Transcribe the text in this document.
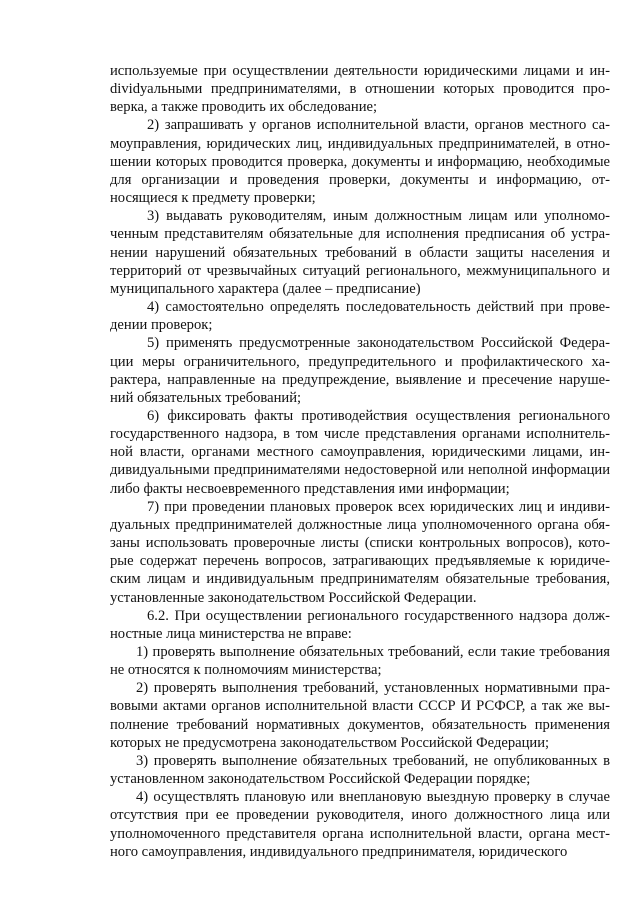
используемые при осуществлении деятельности юридическими лицами и инdividуальными предпринимателями, в отношении которых проводится проверка, а также проводить их обследование;

2) запрашивать у органов исполнительной власти, органов местного самоуправления, юридических лиц, индивидуальных предпринимателей, в отношении которых проводится проверка, документы и информацию, необходимые для организации и проведения проверки, документы и информацию, относящиеся к предмету проверки;

3) выдавать руководителям, иным должностным лицам или уполномоченным представителям обязательные для исполнения предписания об устранении нарушений обязательных требований в области защиты населения и территорий от чрезвычайных ситуаций регионального, межмуниципального и муниципального характера (далее – предписание)

4) самостоятельно определять последовательность действий при проведении проверок;

5) применять предусмотренные законодательством Российской Федерации меры ограничительного, предупредительного и профилактического характера, направленные на предупреждение, выявление и пресечение нарушений обязательных требований;

6) фиксировать факты противодействия осуществления регионального государственного надзора, в том числе представления органами исполнительной власти, органами местного самоуправления, юридическими лицами, индивидуальными предпринимателями недостоверной или неполной информации либо факты несвоевременного представления ими информации;

7) при проведении плановых проверок всех юридических лиц и индивидуальных предпринимателей должностные лица уполномоченного органа обязаны использовать проверочные листы (списки контрольных вопросов), которые содержат перечень вопросов, затрагивающих предъявляемые к юридическим лицам и индивидуальным предпринимателям обязательные требования, установленные законодательством Российской Федерации.

6.2. При осуществлении регионального государственного надзора должностные лица министерства не вправе:

1) проверять выполнение обязательных требований, если такие требования не относятся к полномочиям министерства;

2) проверять выполнения требований, установленных нормативными правовыми актами органов исполнительной власти СССР И РСФСР, а так же выполнение требований нормативных документов, обязательность применения которых не предусмотрена законодательством Российской Федерации;

3) проверять выполнение обязательных требований, не опубликованных в установленном законодательством Российской Федерации порядке;

4) осуществлять плановую или внеплановую выездную проверку в случае отсутствия при ее проведении руководителя, иного должностного лица или уполномоченного представителя органа исполнительной власти, органа местного самоуправления, индивидуального предпринимателя, юридического
